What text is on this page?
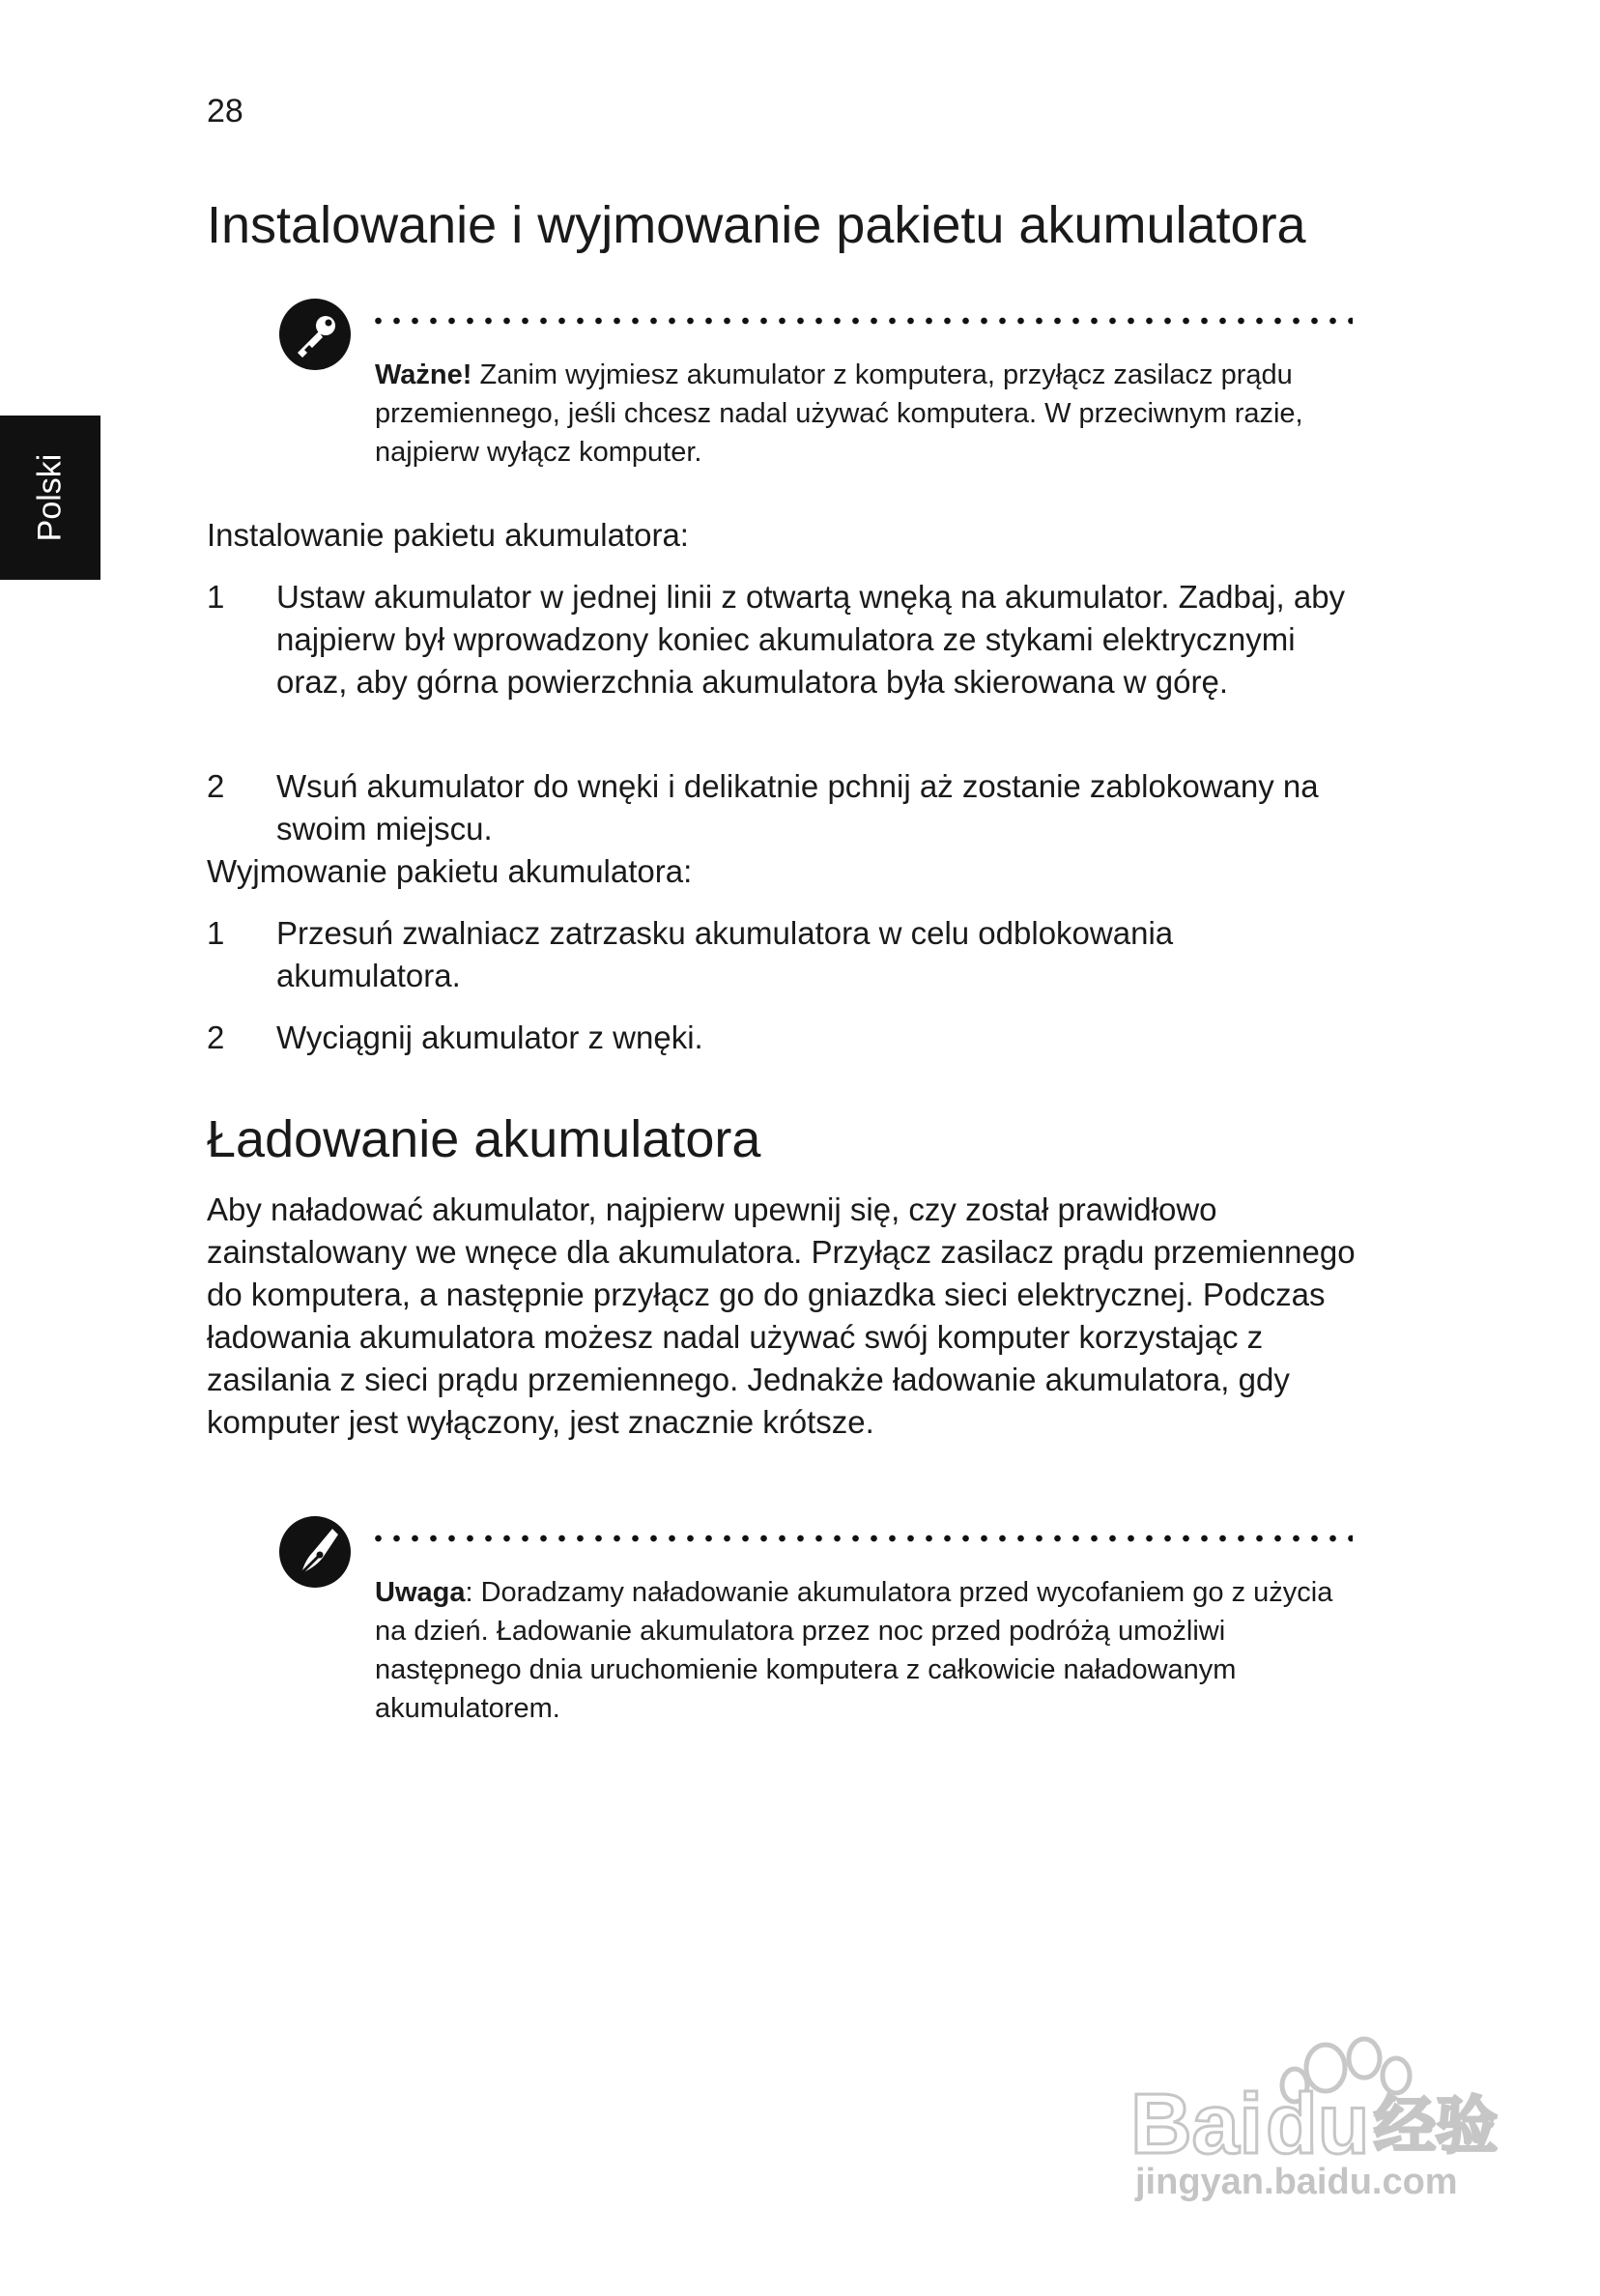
28
Polski
Instalowanie i wyjmowanie pakietu akumulatora
Ważne! Zanim wyjmiesz akumulator z komputera, przyłącz zasilacz prądu przemiennego, jeśli chcesz nadal używać komputera. W przeciwnym razie, najpierw wyłącz komputer.
Instalowanie pakietu akumulatora:
1 Ustaw akumulator w jednej linii z otwartą wnęką na akumulator. Zadbaj, aby najpierw był wprowadzony koniec akumulatora ze stykami elektrycznymi oraz, aby górna powierzchnia akumulatora była skierowana w górę.
2 Wsuń akumulator do wnęki i delikatnie pchnij aż zostanie zablokowany na swoim miejscu.
Wyjmowanie pakietu akumulatora:
1 Przesuń zwalniacz zatrzasku akumulatora w celu odblokowania akumulatora.
2 Wyciągnij akumulator z wnęki.
Ładowanie akumulatora
Aby naładować akumulator, najpierw upewnij się, czy został prawidłowo zainstalowany we wnęce dla akumulatora. Przyłącz zasilacz prądu przemiennego do komputera, a następnie przyłącz go do gniazdka sieci elektrycznej. Podczas ładowania akumulatora możesz nadal używać swój komputer korzystając z zasilania z sieci prądu przemiennego. Jednakże ładowanie akumulatora, gdy komputer jest wyłączony, jest znacznie krótsze.
Uwaga: Doradzamy naładowanie akumulatora przed wycofaniem go z użycia na dzień. Ładowanie akumulatora przez noc przed podróżą umożliwi następnego dnia uruchomienie komputera z całkowicie naładowanym akumulatorem.
Bai du 经验
jingyan.baidu.com
